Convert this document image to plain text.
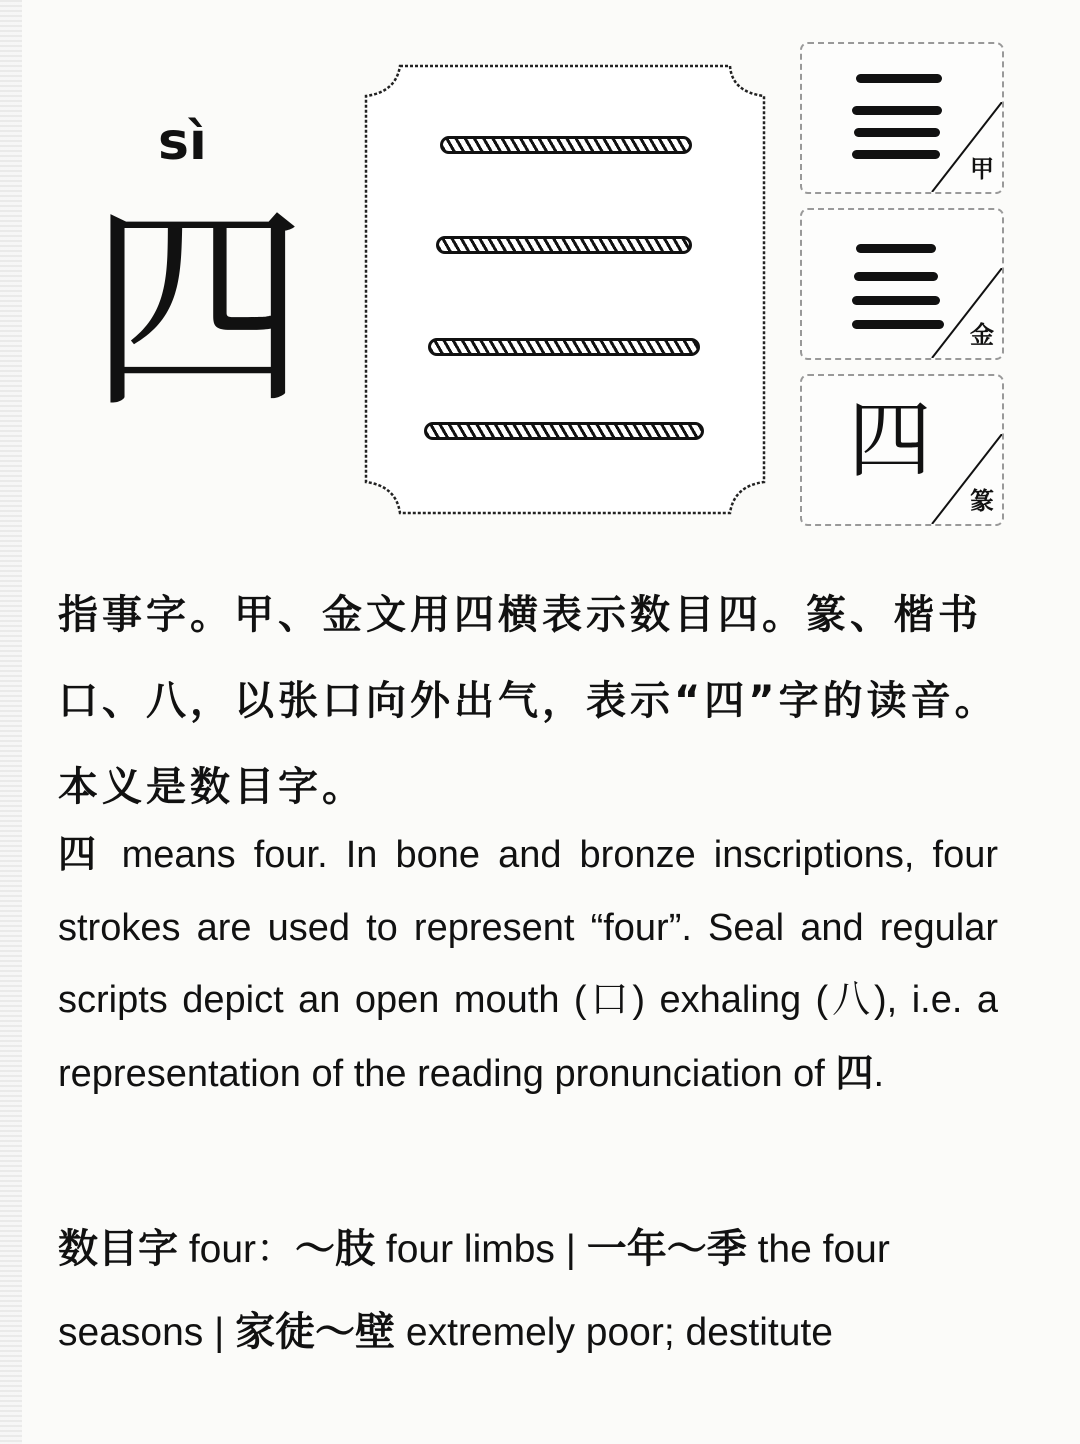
sì
四
甲
金
篆
四

指事字。甲、金文用四横表示数目四。篆、楷书口、八，以张口向外出气，表示“四”字的读音。本义是数目字。

四 means four. In bone and bronze inscriptions, four strokes are used to represent “four”. Seal and regular scripts depict an open mouth (口) exhaling (八), i.e. a representation of the reading pronunciation of 四.

数目字 four：～肢 four limbs | 一年～季 the four seasons | 家徒～壁 extremely poor; destitute
